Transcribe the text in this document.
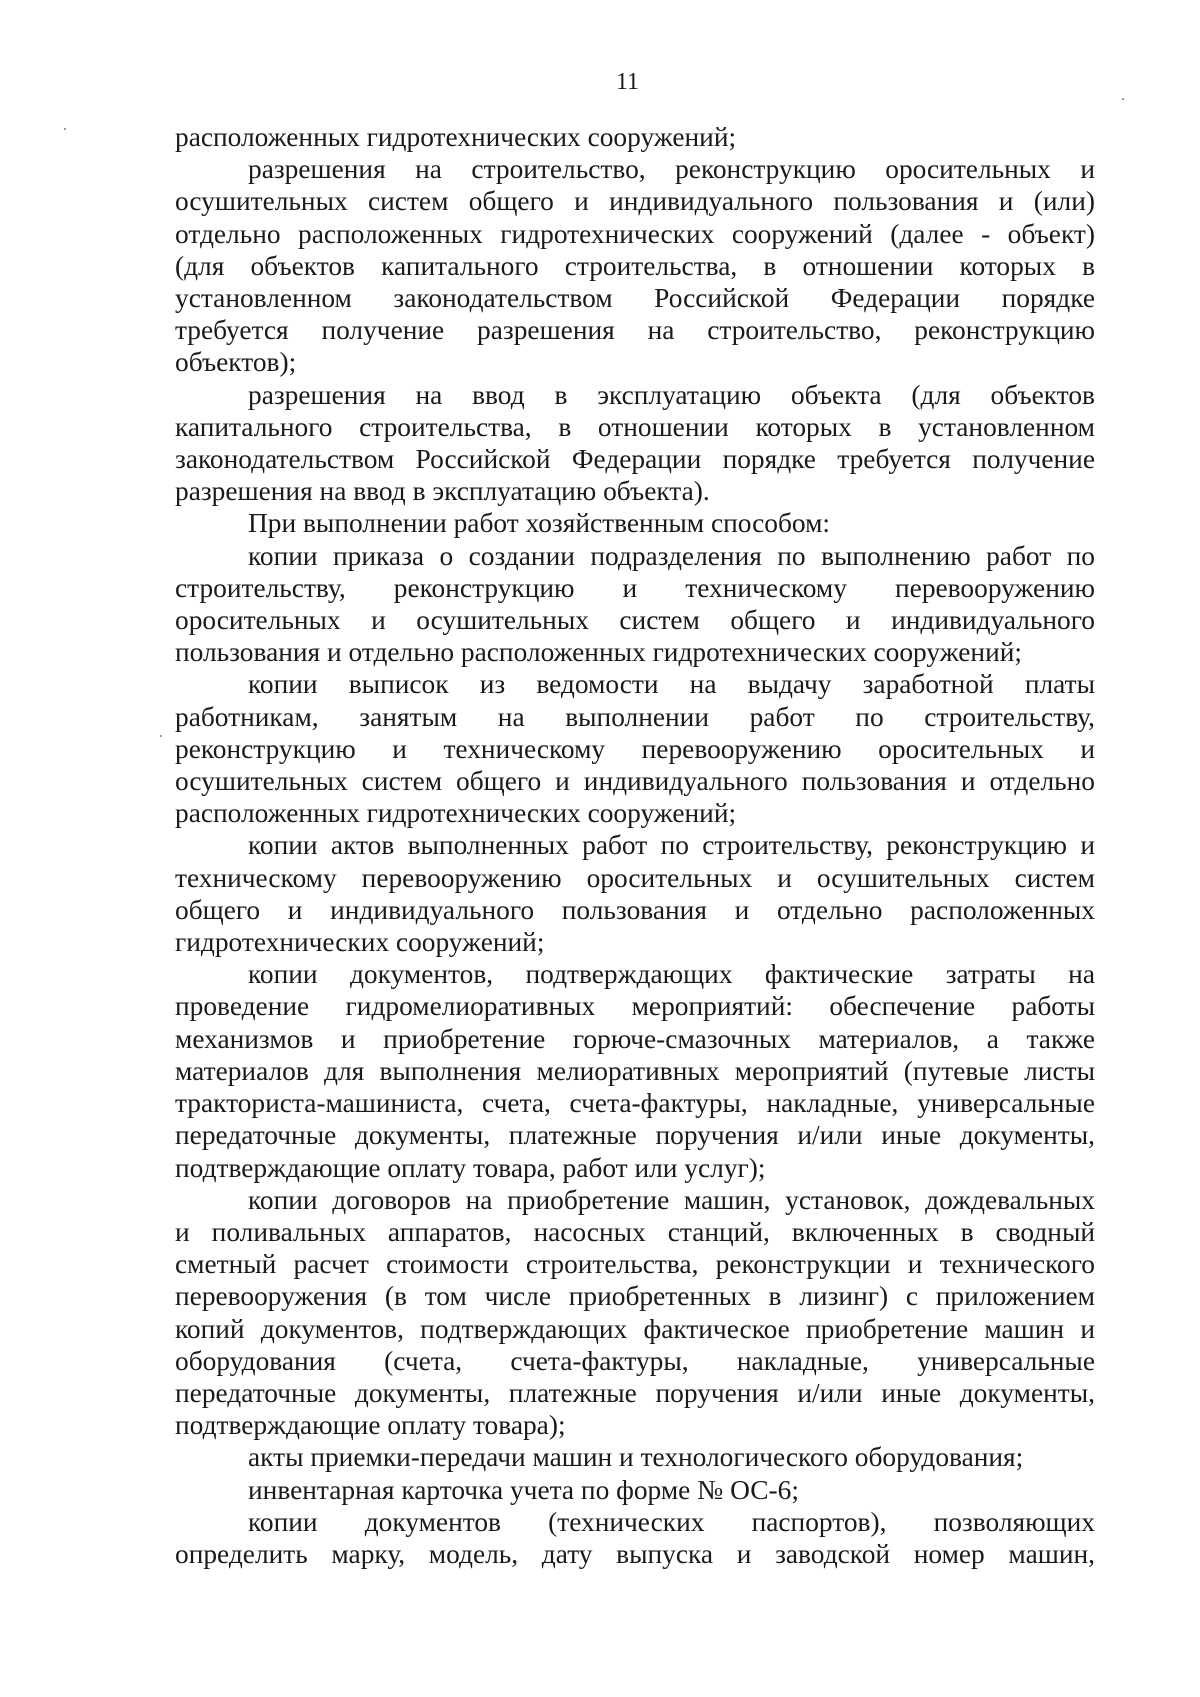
11
расположенных гидротехнических сооружений;
разрешения на строительство, реконструкцию оросительных и
осушительных систем общего и индивидуального пользования и (или)
отдельно расположенных гидротехнических сооружений (далее - объект)
(для объектов капитального строительства, в отношении которых в
установленном законодательством Российской Федерации порядке
требуется получение разрешения на строительство, реконструкцию
объектов);
разрешения на ввод в эксплуатацию объекта (для объектов
капитального строительства, в отношении которых в установленном
законодательством Российской Федерации порядке требуется получение
разрешения на ввод в эксплуатацию объекта).
При выполнении работ хозяйственным способом:
копии приказа о создании подразделения по выполнению работ по
строительству, реконструкцию и техническому перевооружению
оросительных и осушительных систем общего и индивидуального
пользования и отдельно расположенных гидротехнических сооружений;
копии выписок из ведомости на выдачу заработной платы
работникам, занятым на выполнении работ по строительству,
реконструкцию и техническому перевооружению оросительных и
осушительных систем общего и индивидуального пользования и отдельно
расположенных гидротехнических сооружений;
копии актов выполненных работ по строительству, реконструкцию и
техническому перевооружению оросительных и осушительных систем
общего и индивидуального пользования и отдельно расположенных
гидротехнических сооружений;
копии документов, подтверждающих фактические затраты на
проведение гидромелиоративных мероприятий: обеспечение работы
механизмов и приобретение горюче-смазочных материалов, а также
материалов для выполнения мелиоративных мероприятий (путевые листы
тракториста-машиниста, счета, счета-фактуры, накладные, универсальные
передаточные документы, платежные поручения и/или иные документы,
подтверждающие оплату товара, работ или услуг);
копии договоров на приобретение машин, установок, дождевальных
и поливальных аппаратов, насосных станций, включенных в сводный
сметный расчет стоимости строительства, реконструкции и технического
перевооружения (в том числе приобретенных в лизинг) с приложением
копий документов, подтверждающих фактическое приобретение машин и
оборудования (счета, счета-фактуры, накладные, универсальные
передаточные документы, платежные поручения и/или иные документы,
подтверждающие оплату товара);
акты приемки-передачи машин и технологического оборудования;
инвентарная карточка учета по форме № ОС-6;
копии документов (технических паспортов), позволяющих
определить марку, модель, дату выпуска и заводской номер машин,
